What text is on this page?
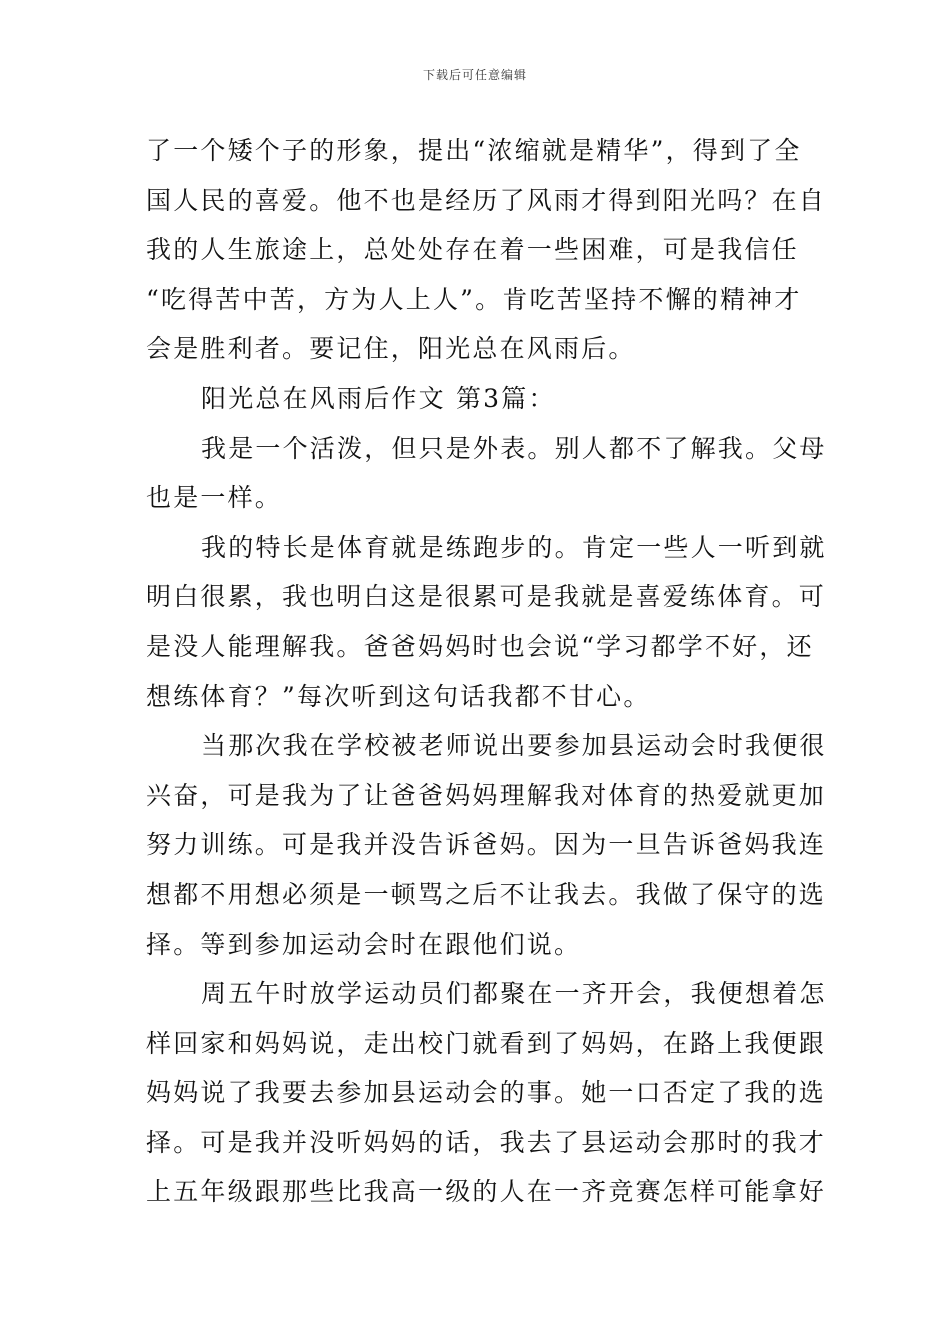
下载后可任意编辑
了一个矮个子的形象，提出“浓缩就是精华”，得到了全
国人民的喜爱。他不也是经历了风雨才得到阳光吗？在自
我的人生旅途上，总处处存在着一些困难，可是我信任
“吃得苦中苦，方为人上人”。肯吃苦坚持不懈的精神才
会是胜利者。要记住，阳光总在风雨后。
阳光总在风雨后作文 第3篇：
我是一个活泼，但只是外表。别人都不了解我。父母
也是一样。
我的特长是体育就是练跑步的。肯定一些人一听到就
明白很累，我也明白这是很累可是我就是喜爱练体育。可
是没人能理解我。爸爸妈妈时也会说“学习都学不好，还
想练体育？”每次听到这句话我都不甘心。
当那次我在学校被老师说出要参加县运动会时我便很
兴奋，可是我为了让爸爸妈妈理解我对体育的热爱就更加
努力训练。可是我并没告诉爸妈。因为一旦告诉爸妈我连
想都不用想必须是一顿骂之后不让我去。我做了保守的选
择。等到参加运动会时在跟他们说。
周五午时放学运动员们都聚在一齐开会，我便想着怎
样回家和妈妈说，走出校门就看到了妈妈，在路上我便跟
妈妈说了我要去参加县运动会的事。她一口否定了我的选
择。可是我并没听妈妈的话，我去了县运动会那时的我才
上五年级跟那些比我高一级的人在一齐竞赛怎样可能拿好
